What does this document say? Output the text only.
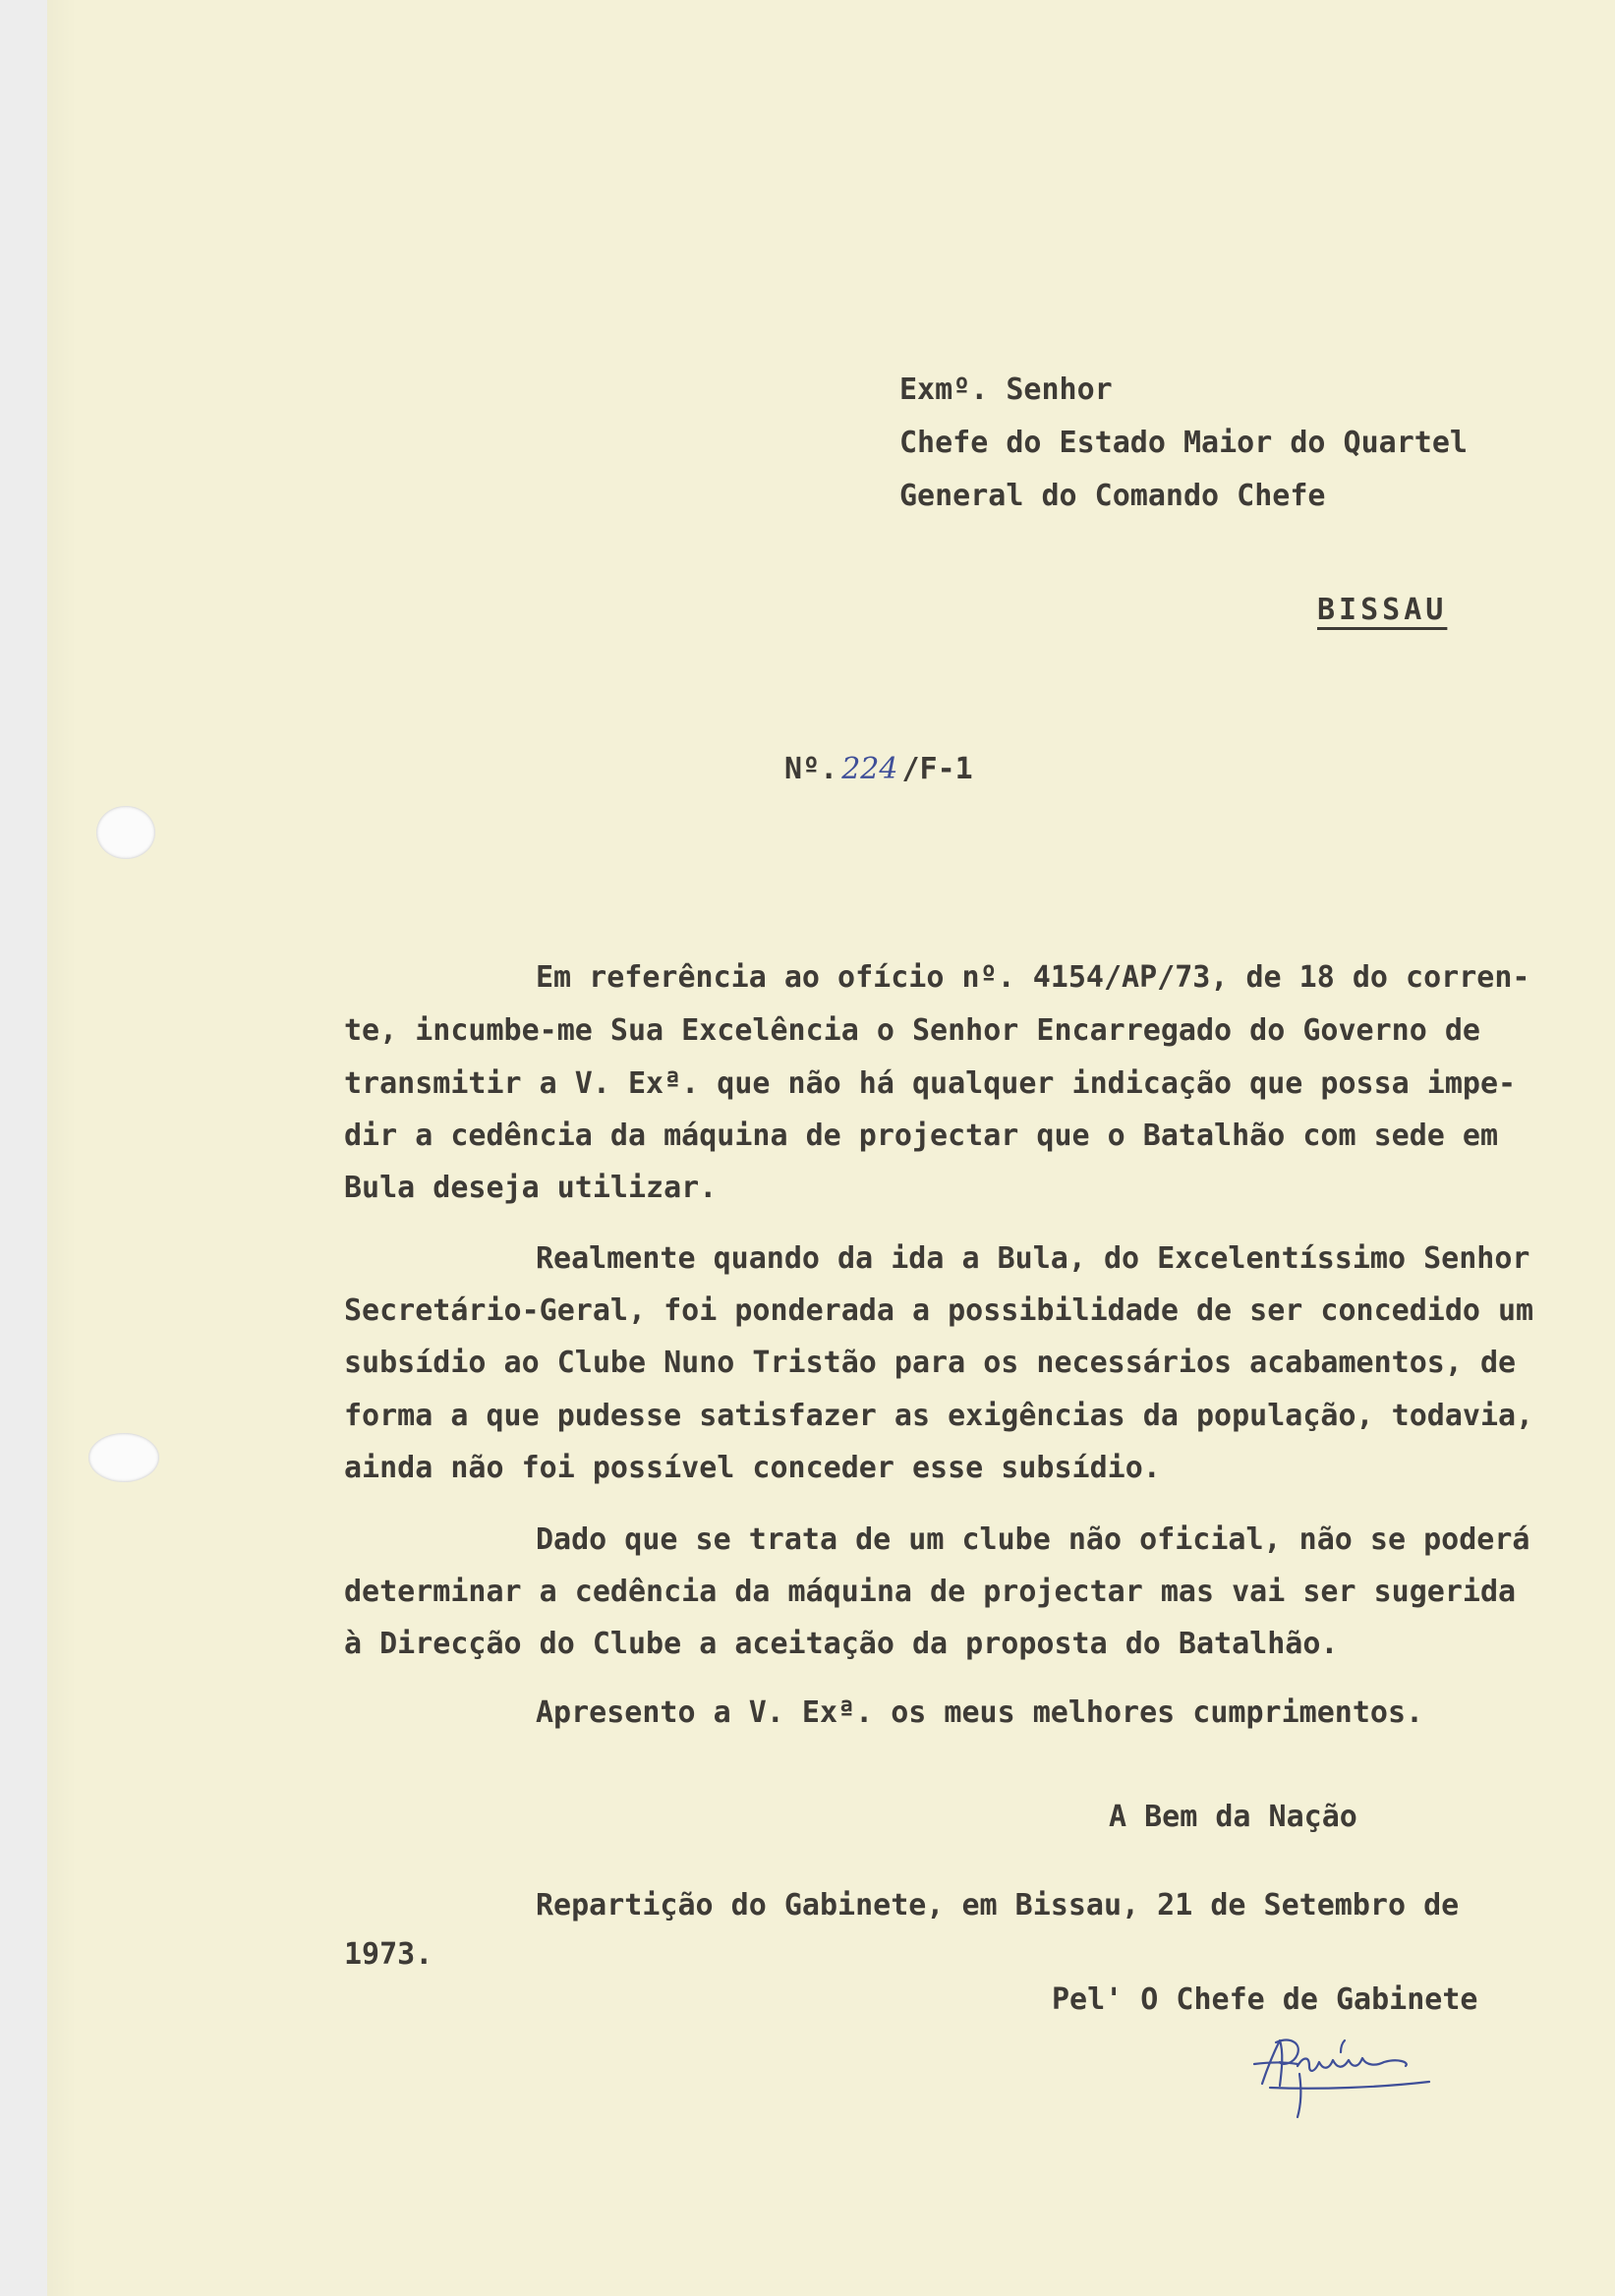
Exmº. Senhor
Chefe do Estado Maior do Quartel
General do Comando Chefe
BISSAU
Nº. 224 /F-1
Em referência ao ofício nº. 4154/AP/73, de 18 do corren-
te, incumbe-me Sua Excelência o Senhor Encarregado do Governo de
transmitir a V. Exª. que não há qualquer indicação que possa impe-
dir a cedência da máquina de projectar que o Batalhão com sede em
Bula deseja utilizar.
Realmente quando da ida a Bula, do Excelentíssimo Senhor
Secretário-Geral, foi ponderada a possibilidade de ser concedido um
subsídio ao Clube Nuno Tristão para os necessários acabamentos, de
forma a que pudesse satisfazer as exigências da população, todavia,
ainda não foi possível conceder esse subsídio.
Dado que se trata de um clube não oficial, não se poderá
determinar a cedência da máquina de projectar mas vai ser sugerida
à Direcção do Clube a aceitação da proposta do Batalhão.
Apresento a V. Exª. os meus melhores cumprimentos.
A Bem da Nação
Repartição do Gabinete, em Bissau, 21 de Setembro de
1973.
Pel' O Chefe de Gabinete
